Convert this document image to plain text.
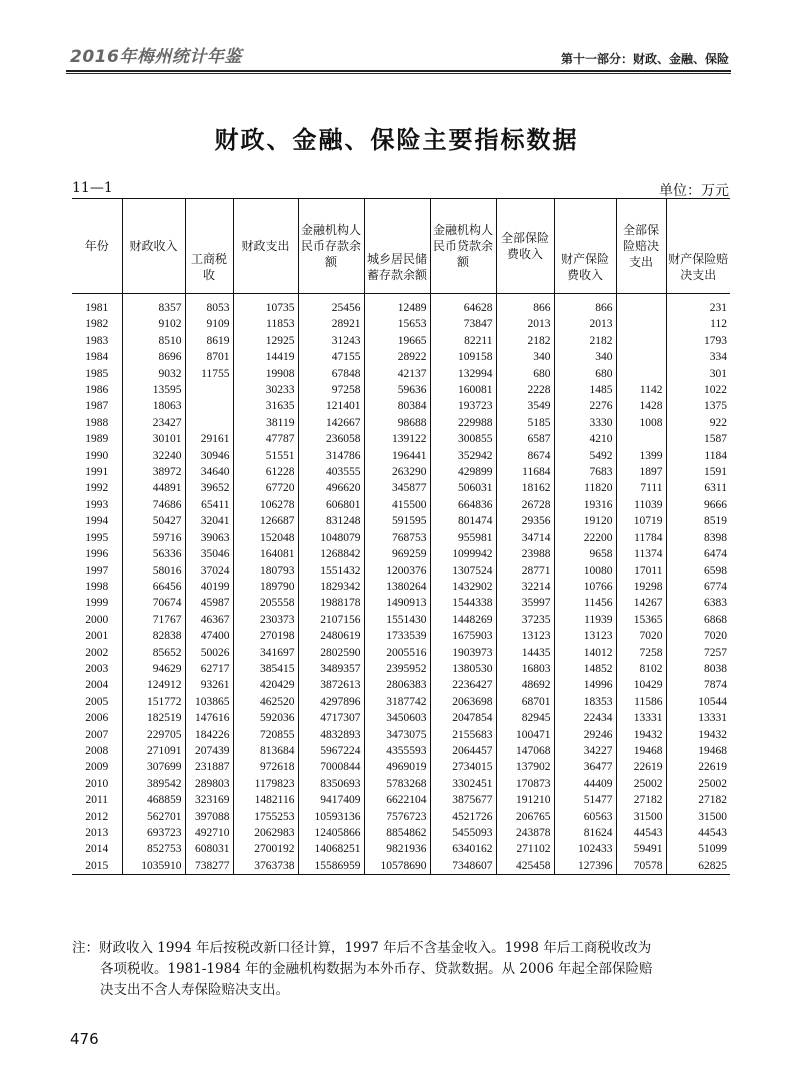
2016年梅州统计年鉴	第十一部分：财政、金融、保险
财政、金融、保险主要指标数据
11—1	单位：万元
年份	财政收入	工商税收	财政支出	金融机构人民币存款余额	城乡居民储蓄存款余额	金融机构人民币贷款余额	全部保险费收入	财产保险费收入	全部保险赔决支出	财产保险赔决支出
1981	8357	8053	10735	25456	12489	64628	866	866		231
1982	9102	9109	11853	28921	15653	73847	2013	2013		112
1983	8510	8619	12925	31243	19665	82211	2182	2182		1793
1984	8696	8701	14419	47155	28922	109158	340	340		334
1985	9032	11755	19908	67848	42137	132994	680	680		301
1986	13595		30233	97258	59636	160081	2228	1485	1142	1022
1987	18063		31635	121401	80384	193723	3549	2276	1428	1375
1988	23427		38119	142667	98688	229988	5185	3330	1008	922
1989	30101	29161	47787	236058	139122	300855	6587	4210		1587
1990	32240	30946	51551	314786	196441	352942	8674	5492	1399	1184
1991	38972	34640	61228	403555	263290	429899	11684	7683	1897	1591
1992	44891	39652	67720	496620	345877	506031	18162	11820	7111	6311
1993	74686	65411	106278	606801	415500	664836	26728	19316	11039	9666
1994	50427	32041	126687	831248	591595	801474	29356	19120	10719	8519
1995	59716	39063	152048	1048079	768753	955981	34714	22200	11784	8398
1996	56336	35046	164081	1268842	969259	1099942	23988	9658	11374	6474
1997	58016	37024	180793	1551432	1200376	1307524	28771	10080	17011	6598
1998	66456	40199	189790	1829342	1380264	1432902	32214	10766	19298	6774
1999	70674	45987	205558	1988178	1490913	1544338	35997	11456	14267	6383
2000	71767	46367	230373	2107156	1551430	1448269	37235	11939	15365	6868
2001	82838	47400	270198	2480619	1733539	1675903	13123	13123	7020	7020
2002	85652	50026	341697	2802590	2005516	1903973	14435	14012	7258	7257
2003	94629	62717	385415	3489357	2395952	1380530	16803	14852	8102	8038
2004	124912	93261	420429	3872613	2806383	2236427	48692	14996	10429	7874
2005	151772	103865	462520	4297896	3187742	2063698	68701	18353	11586	10544
2006	182519	147616	592036	4717307	3450603	2047854	82945	22434	13331	13331
2007	229705	184226	720855	4832893	3473075	2155683	100471	29246	19432	19432
2008	271091	207439	813684	5967224	4355593	2064457	147068	34227	19468	19468
2009	307699	231887	972618	7000844	4969019	2734015	137902	36477	22619	22619
2010	389542	289803	1179823	8350693	5783268	3302451	170873	44409	25002	25002
2011	468859	323169	1482116	9417409	6622104	3875677	191210	51477	27182	27182
2012	562701	397088	1755253	10593136	7576723	4521726	206765	60563	31500	31500
2013	693723	492710	2062983	12405866	8854862	5455093	243878	81624	44543	44543
2014	852753	608031	2700192	14068251	9821936	6340162	271102	102433	59491	51099
2015	1035910	738277	3763738	15586959	10578690	7348607	425458	127396	70578	62825
注：财政收入 1994 年后按税改新口径计算，1997 年后不含基金收入。1998 年后工商税收改为
各项税收。1981-1984 年的金融机构数据为本外币存、贷款数据。从 2006 年起全部保险赔
决支出不含人寿保险赔决支出。
476
